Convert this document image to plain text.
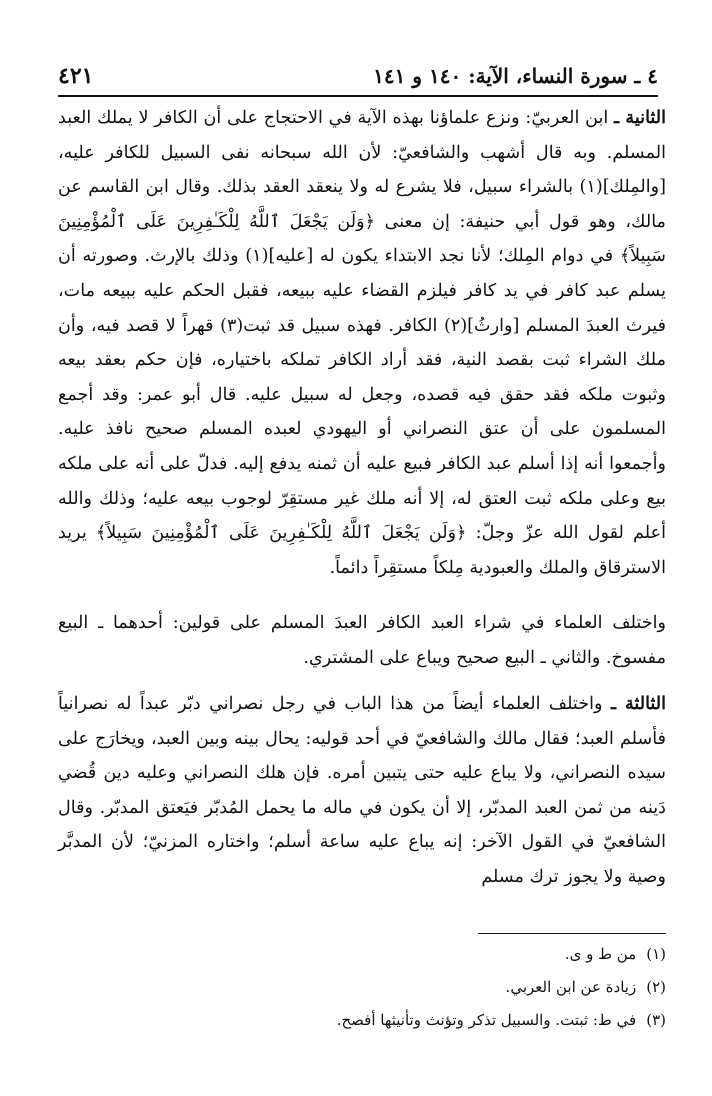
٤ ـ سورة النساء، الآية: ١٤٠ و ١٤١
٤٢١

الثانية ـ ابن العربيّ: ونزع علماؤنا بهذه الآية في الاحتجاج على أن الكافر لا يملك العبد المسلم. وبه قال أشهب والشافعيّ: لأن الله سبحانه نفى السبيل للكافر عليه، [والمِلك](١) بالشراء سبيل، فلا يشرع له ولا ينعقد العقد بذلك. وقال ابن القاسم عن مالك، وهو قول أبي حنيفة: إن معنى ﴿وَلَن يَجْعَلَ ٱللَّهُ لِلْكَـٰفِرِينَ عَلَى ٱلْمُؤْمِنِينَ سَبِيلاً﴾ في دوام المِلك؛ لأنا نجد الابتداء يكون له [عليه](١) وذلك بالإرث. وصورته أن يسلم عبد كافر في يد كافر فيلزم القضاء عليه ببيعه، فقبل الحكم عليه ببيعه مات، فيرث العبدَ المسلم [وارثُ](٢) الكافر. فهذه سبيل قد ثبت(٣) قهراً لا قصد فيه، وأن ملك الشراء ثبت بقصد النية، فقد أراد الكافر تملكه باختياره، فإن حكم بعقد بيعه وثبوت ملكه فقد حقق فيه قصده، وجعل له سبيل عليه. قال أبو عمر: وقد أجمع المسلمون على أن عتق النصراني أو اليهودي لعبده المسلم صحيح نافذ عليه. وأجمعوا أنه إذا أسلم عبد الكافر فبيع عليه أن ثمنه يدفع إليه. فدلّ على أنه على ملكه بيع وعلى ملكه ثبت العتق له، إلا أنه ملك غير مستقِرّ لوجوب بيعه عليه؛ وذلك والله أعلم لقول الله عزّ وجلّ: ﴿وَلَن يَجْعَلَ ٱللَّهُ لِلْكَـٰفِرِينَ عَلَى ٱلْمُؤْمِنِينَ سَبِيلاً﴾ يريد الاسترقاق والملك والعبودية مِلكاً مستقِراً دائماً.

واختلف العلماء في شراء العبد الكافر العبدَ المسلم على قولين: أحدهما ـ البيع مفسوخ. والثاني ـ البيع صحيح ويباع على المشتري.

الثالثة ـ واختلف العلماء أيضاً من هذا الباب في رجل نصراني دبّر عبداً له نصرانياً فأسلم العبد؛ فقال مالك والشافعيّ في أحد قوليه: يحال بينه وبين العبد، ويخارَج على سيده النصراني، ولا يباع عليه حتى يتبين أمره. فإن هلك النصراني وعليه دين قُضي دَينه من ثمن العبد المدبّر، إلا أن يكون في ماله ما يحمل المُدبّر فيَعتق المدبّر. وقال الشافعيّ في القول الآخر: إنه يباع عليه ساعة أسلم؛ واختاره المزنيّ؛ لأن المدبَّر وصية ولا يجوز ترك مسلم

(١)من ط و ى.
(٢)زيادة عن ابن العربي.
(٣)في ط: ثبتت. والسبيل تذكر وتؤنث وتأنيثها أفصح.
